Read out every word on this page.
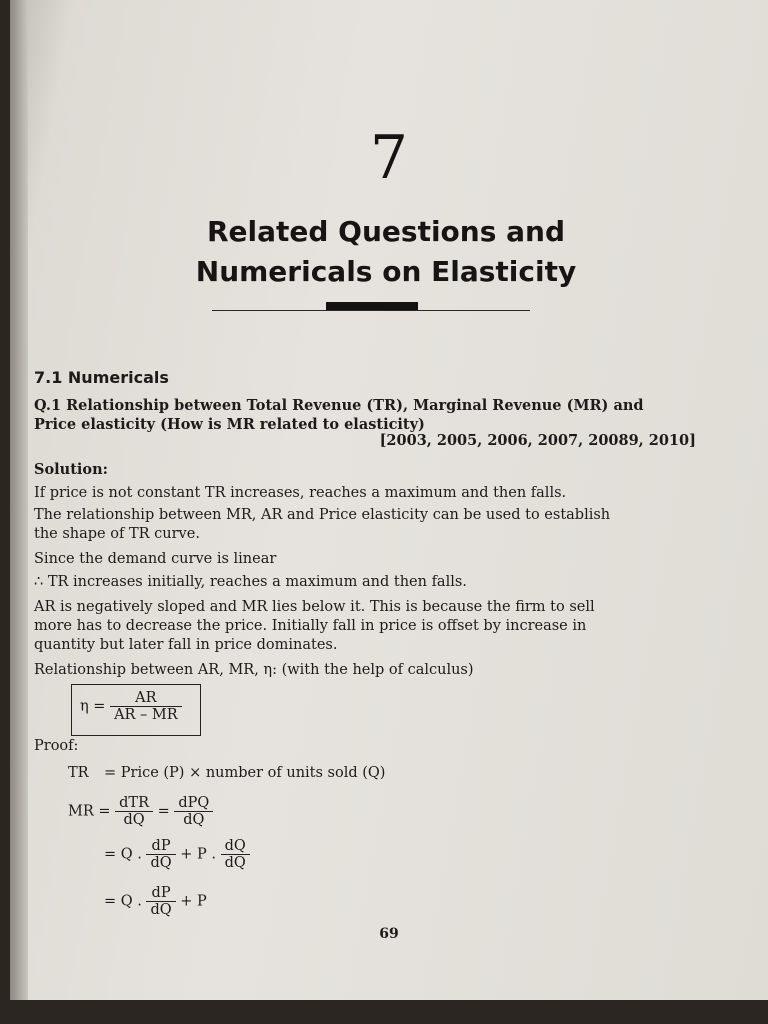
7
Related Questions and
Numericals on Elasticity
7.1 Numericals
Q.1 Relationship between Total Revenue (TR), Marginal Revenue (MR) and
Price elasticity (How is MR related to elasticity)
[2003, 2005, 2006, 2007, 20089, 2010]
Solution:
If price is not constant TR increases, reaches a maximum and then falls.
The relationship between MR, AR and Price elasticity can be used to establish
the shape of TR curve.
Since the demand curve is linear
∴ TR increases initially, reaches a maximum and then falls.
AR is negatively sloped and MR lies below it. This is because the firm to sell
more has to decrease the price. Initially fall in price is offset by increase in
quantity but later fall in price dominates.
Relationship between AR, MR, η: (with the help of calculus)
$\eta = \frac{AR}{AR - MR}$
Proof:
TR = Price (P) × number of units sold (Q)
MR = $\frac{\text{dTR}}{dQ} = \frac{\text{dPQ}}{dQ}$
= Q . $\frac{dP}{dQ} + P$ . $\frac{dQ}{dQ}$
= Q . $\frac{dP}{dQ} + P$
69
